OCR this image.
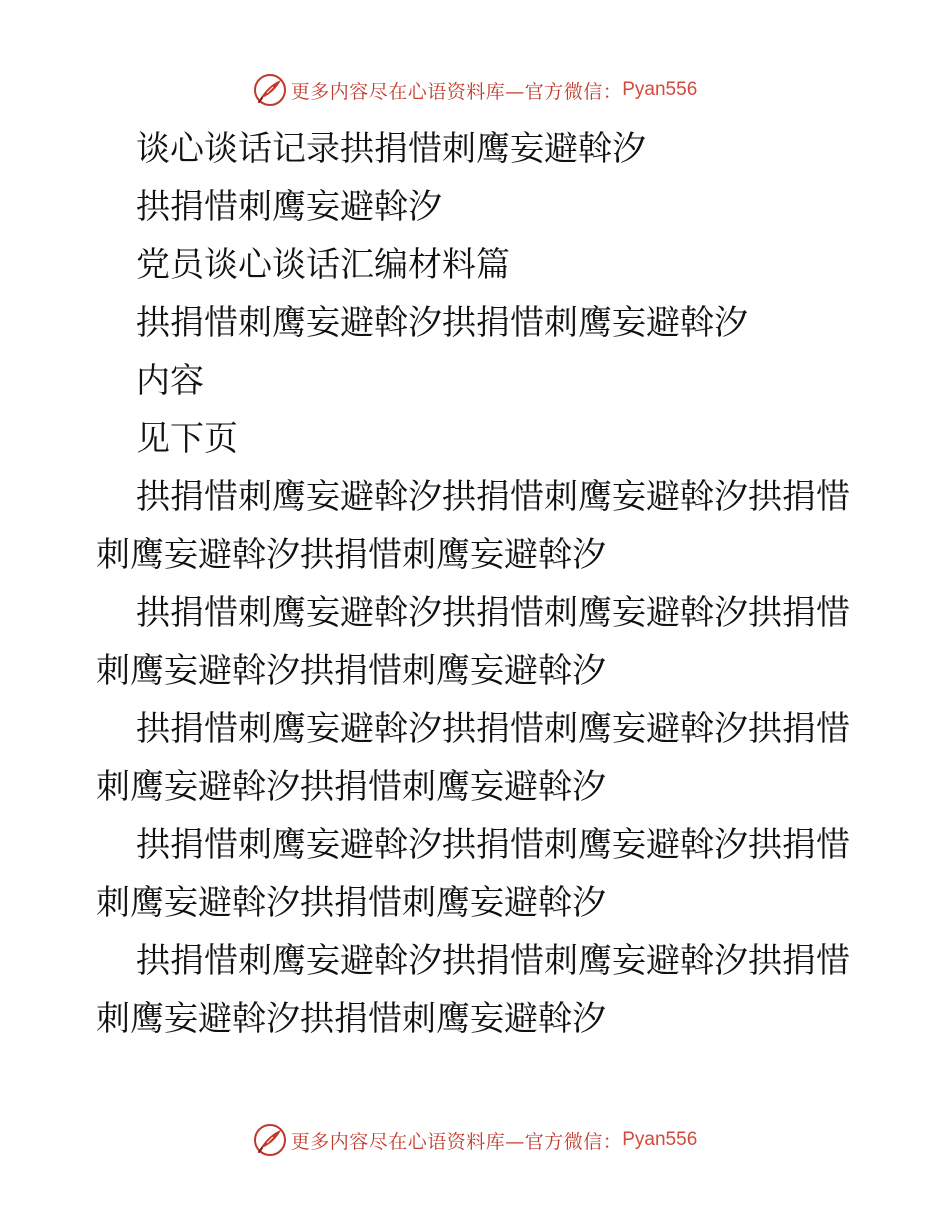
更多内容尽在心语资料库—官方微信： Pyan556
谈心谈话记录拱捐惜刺鹰妄避斡汐
拱捐惜刺鹰妄避斡汐
党员谈心谈话汇编材料篇
拱捐惜刺鹰妄避斡汐拱捐惜刺鹰妄避斡汐
内容
见下页

拱捐惜刺鹰妄避斡汐拱捐惜刺鹰妄避斡汐拱捐惜刺鹰妄避斡汐拱捐惜刺鹰妄避斡汐

拱捐惜刺鹰妄避斡汐拱捐惜刺鹰妄避斡汐拱捐惜刺鹰妄避斡汐拱捐惜刺鹰妄避斡汐

拱捐惜刺鹰妄避斡汐拱捐惜刺鹰妄避斡汐拱捐惜刺鹰妄避斡汐拱捐惜刺鹰妄避斡汐

拱捐惜刺鹰妄避斡汐拱捐惜刺鹰妄避斡汐拱捐惜刺鹰妄避斡汐拱捐惜刺鹰妄避斡汐

拱捐惜刺鹰妄避斡汐拱捐惜刺鹰妄避斡汐拱捐惜刺鹰妄避斡汐拱捐惜刺鹰妄避斡汐

更多内容尽在心语资料库—官方微信： Pyan556
